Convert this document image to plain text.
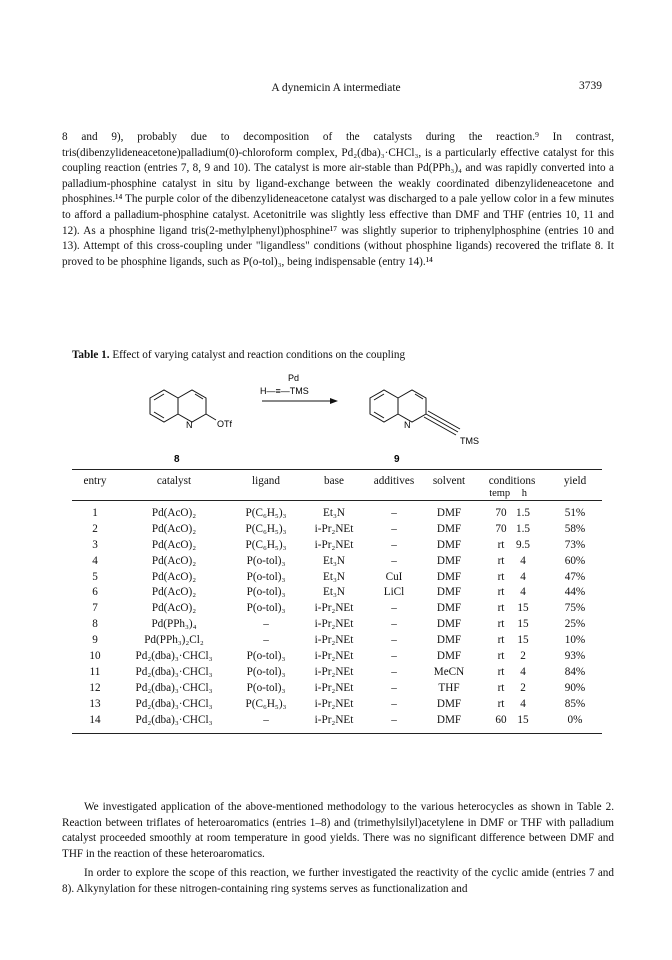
A dynemicin A intermediate	3739

8 and 9), probably due to decomposition of the catalysts during the reaction.⁹ In contrast, tris(dibenzylideneacetone)palladium(0)-chloroform complex, Pd₂(dba)₃·CHCl₃, is a particularly effective catalyst for this coupling reaction (entries 7, 8, 9 and 10). The catalyst is more air-stable than Pd(PPh₃)₄ and was rapidly converted into a palladium-phosphine catalyst in situ by ligand-exchange between the weakly coordinated dibenzylideneacetone and phosphines.¹⁴ The purple color of the dibenzylideneacetone catalyst was discharged to a pale yellow color in a few minutes to afford a palladium-phosphine catalyst. Acetonitrile was slightly less effective than DMF and THF (entries 10, 11 and 12). As a phosphine ligand tris(2-methylphenyl)phosphine¹⁷ was slightly superior to triphenylphosphine (entries 10 and 13). Attempt of this cross-coupling under "ligandless" conditions (without phosphine ligands) recovered the triflate 8. It proved to be phosphine ligands, such as P(o-tol)₃, being indispensable (entry 14).¹⁴

Table 1. Effect of varying catalyst and reaction conditions on the coupling
N	OTf
8
Pd
H—≡—TMS
N
TMS
9
entry	catalyst	ligand	base	additives	solvent	conditions	yield
						temp h	
1	Pd(AcO)₂	P(C₆H₅)₃	Et₃N	–	DMF	70 1.5	51%
2	Pd(AcO)₂	P(C₆H₅)₃	i-Pr₂NEt	–	DMF	70 1.5	58%
3	Pd(AcO)₂	P(C₆H₅)₃	i-Pr₂NEt	–	DMF	rt 9.5	73%
4	Pd(AcO)₂	P(o-tol)₃	Et₃N	–	DMF	rt 4	60%
5	Pd(AcO)₂	P(o-tol)₃	Et₃N	CuI	DMF	rt 4	47%
6	Pd(AcO)₂	P(o-tol)₃	Et₃N	LiCl	DMF	rt 4	44%
7	Pd(AcO)₂	P(o-tol)₃	i-Pr₂NEt	–	DMF	rt 15	75%
8	Pd(PPh₃)₄	–	i-Pr₂NEt	–	DMF	rt 15	25%
9	Pd(PPh₃)₂Cl₂	–	i-Pr₂NEt	–	DMF	rt 15	10%
10	Pd₂(dba)₃·CHCl₃	P(o-tol)₃	i-Pr₂NEt	–	DMF	rt 2	93%
11	Pd₂(dba)₃·CHCl₃	P(o-tol)₃	i-Pr₂NEt	–	MeCN	rt 4	84%
12	Pd₂(dba)₃·CHCl₃	P(o-tol)₃	i-Pr₂NEt	–	THF	rt 2	90%
13	Pd₂(dba)₃·CHCl₃	P(C₆H₅)₃	i-Pr₂NEt	–	DMF	rt 4	85%
14	Pd₂(dba)₃·CHCl₃	–	i-Pr₂NEt	–	DMF	60 15	0%

We investigated application of the above-mentioned methodology to the various heterocycles as shown in Table 2. Reaction between triflates of heteroaromatics (entries 1–8) and (trimethylsilyl)acetylene in DMF or THF with palladium catalyst proceeded smoothly at room temperature in good yields. There was no significant difference between DMF and THF in the reaction of these heteroaromatics.

In order to explore the scope of this reaction, we further investigated the reactivity of the cyclic amide (entries 7 and 8). Alkynylation for these nitrogen-containing ring systems serves as functionalization and
